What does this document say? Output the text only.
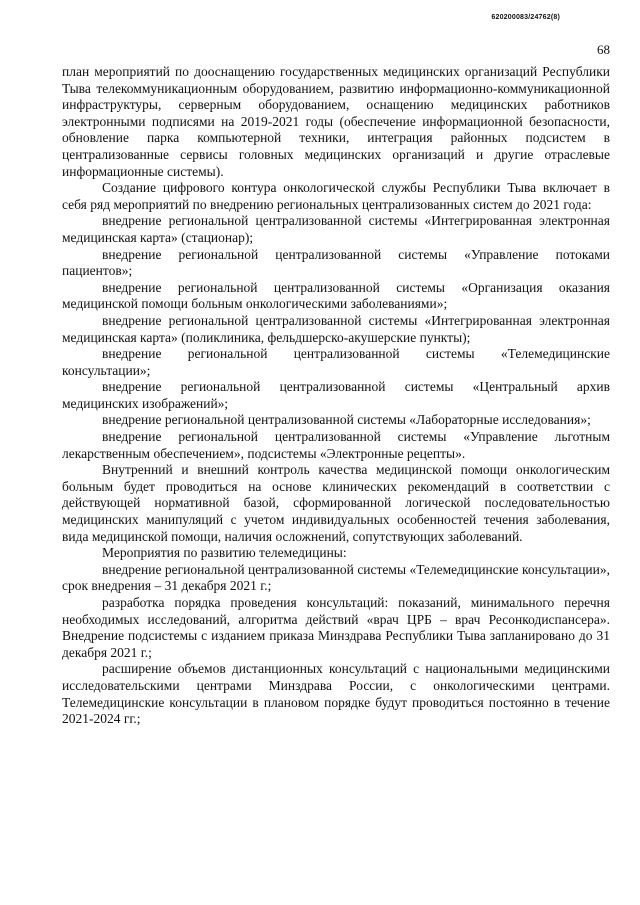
620200083/24762(8)
68

план мероприятий по дооснащению государственных медицинских организаций Республики Тыва телекоммуникационным оборудованием, развитию информационно-коммуникационной инфраструктуры, серверным оборудованием, оснащению медицинских работников электронными подписями на 2019-2021 годы (обеспечение информационной безопасности, обновление парка компьютерной техники, интеграция районных подсистем в централизованные сервисы головных медицинских организаций и другие отраслевые информационные системы).

Создание цифрового контура онкологической службы Республики Тыва включает в себя ряд мероприятий по внедрению региональных централизованных систем до 2021 года:

внедрение региональной централизованной системы «Интегрированная электронная медицинская карта» (стационар);

внедрение региональной централизованной системы «Управление потоками пациентов»;

внедрение региональной централизованной системы «Организация оказания медицинской помощи больным онкологическими заболеваниями»;

внедрение региональной централизованной системы «Интегрированная электронная медицинская карта» (поликлиника, фельдшерско-акушерские пункты);

внедрение региональной централизованной системы «Телемедицинские консультации»;

внедрение региональной централизованной системы «Центральный архив медицинских изображений»;

внедрение региональной централизованной системы «Лабораторные исследования»;

внедрение региональной централизованной системы «Управление льготным лекарственным обеспечением», подсистемы «Электронные рецепты».

Внутренний и внешний контроль качества медицинской помощи онкологическим больным будет проводиться на основе клинических рекомендаций в соответствии с действующей нормативной базой, сформированной логической последовательностью медицинских манипуляций с учетом индивидуальных особенностей течения заболевания, вида медицинской помощи, наличия осложнений, сопутствующих заболеваний.

Мероприятия по развитию телемедицины:

внедрение региональной централизованной системы «Телемедицинские консультации», срок внедрения – 31 декабря 2021 г.;

разработка порядка проведения консультаций: показаний, минимального перечня необходимых исследований, алгоритма действий «врач ЦРБ – врач Ресонкодиспансера». Внедрение подсистемы с изданием приказа Минздрава Республики Тыва запланировано до 31 декабря 2021 г.;

расширение объемов дистанционных консультаций с национальными медицинскими исследовательскими центрами Минздрава России, с онкологическими центрами. Телемедицинские консультации в плановом порядке будут проводиться постоянно в течение 2021-2024 гг.;
